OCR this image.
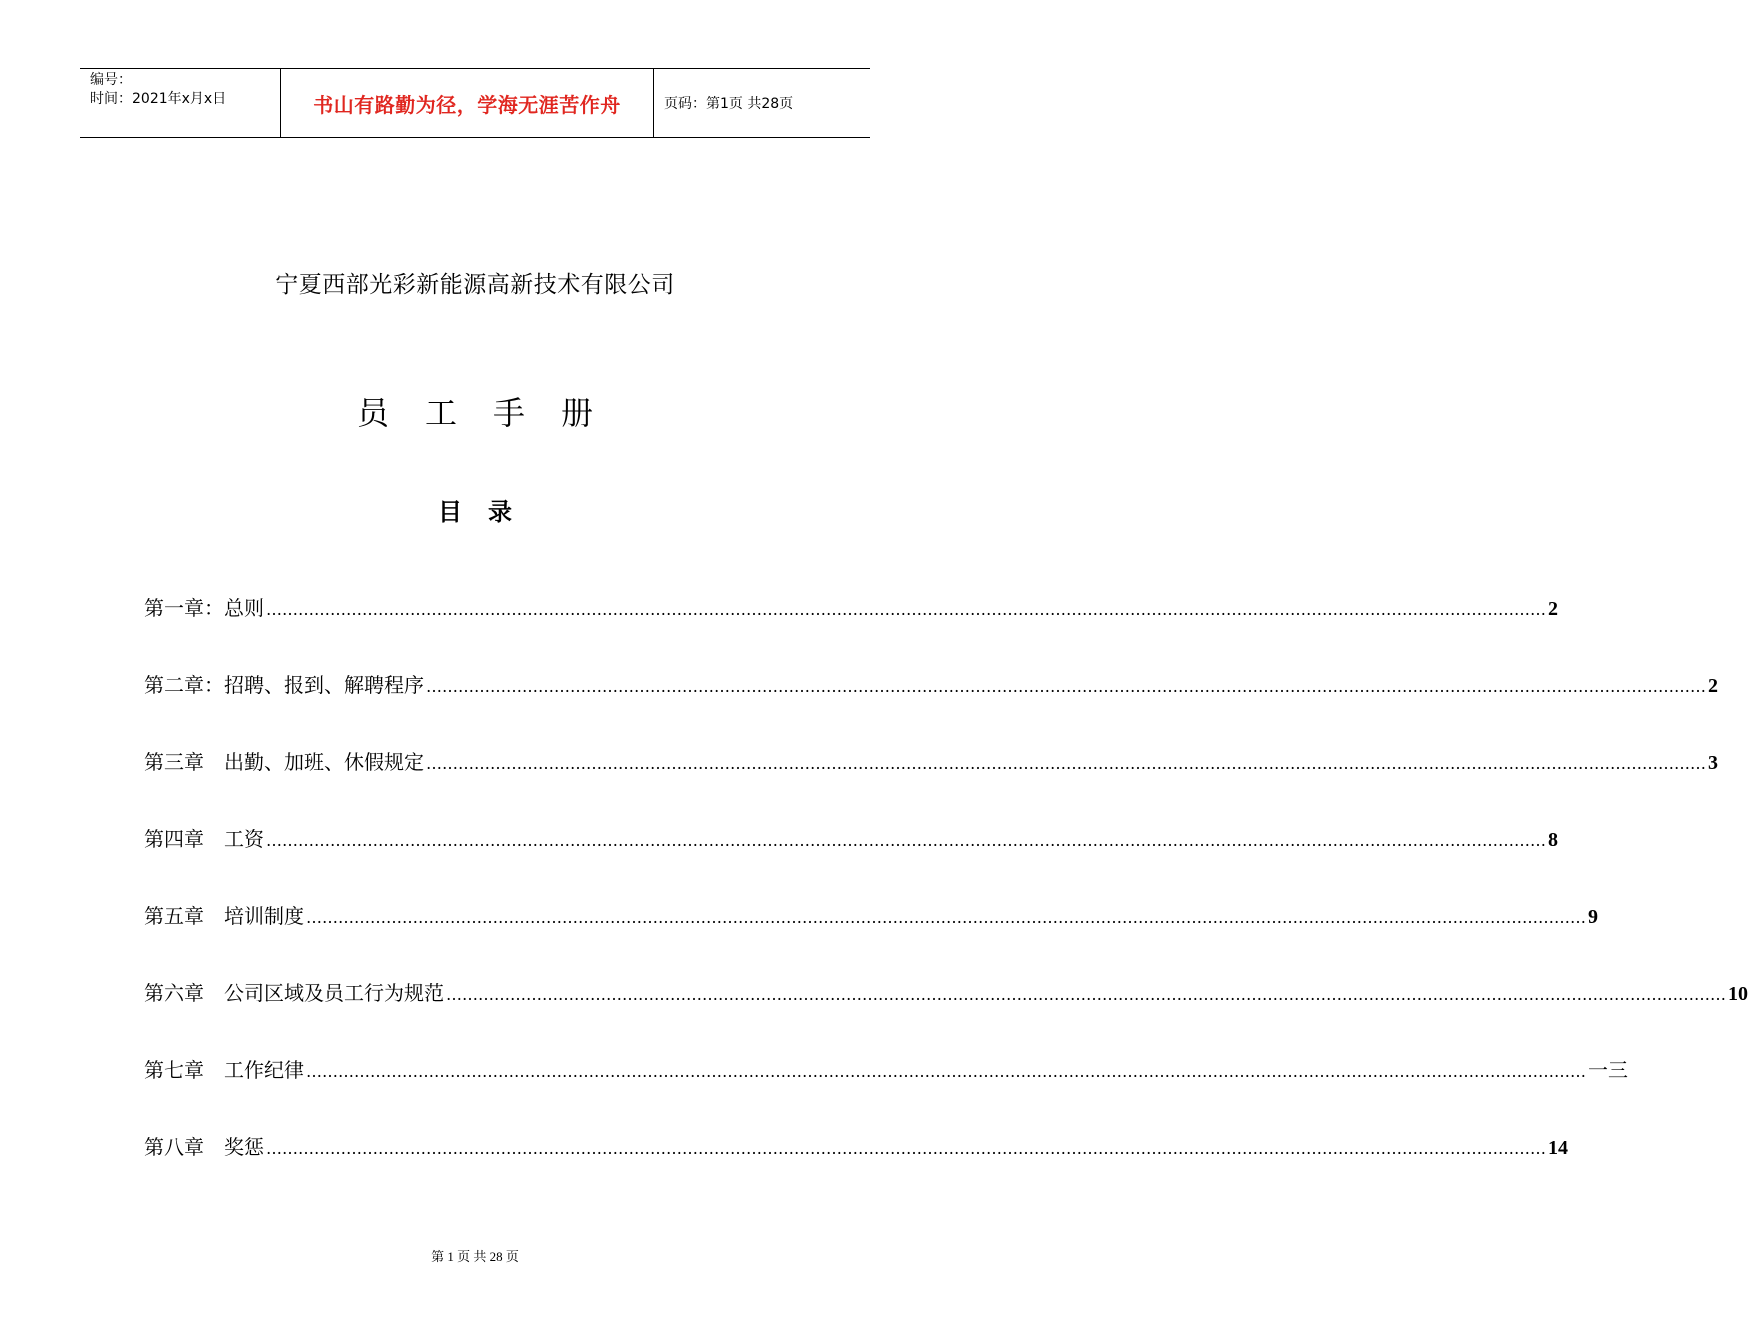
编号：
时间：2021年x月x日	书山有路勤为径，学海无涯苦作舟	页码：第1页 共28页
宁夏西部光彩新能源高新技术有限公司
员工手册
目录
第一章：总则 …………………………………………………………………………………………………………………………………………………………………………………………………………………… 2
第二章：招聘、报到、解聘程序 …………………………………………………………………………………………………………………………………………………………………………………………………………………… 2
第三章　出勤、加班、休假规定 …………………………………………………………………………………………………………………………………………………………………………………………………………………… 3
第四章　工资 …………………………………………………………………………………………………………………………………………………………………………………………………………………… 8
第五章　培训制度 …………………………………………………………………………………………………………………………………………………………………………………………………………………… 9
第六章　公司区域及员工行为规范 …………………………………………………………………………………………………………………………………………………………………………………………………………………… 10
第七章　工作纪律 …………………………………………………………………………………………………………………………………………………………………………………………………………………… 一三
第八章　奖惩 …………………………………………………………………………………………………………………………………………………………………………………………………………………… 14
第 1 页 共 28 页
